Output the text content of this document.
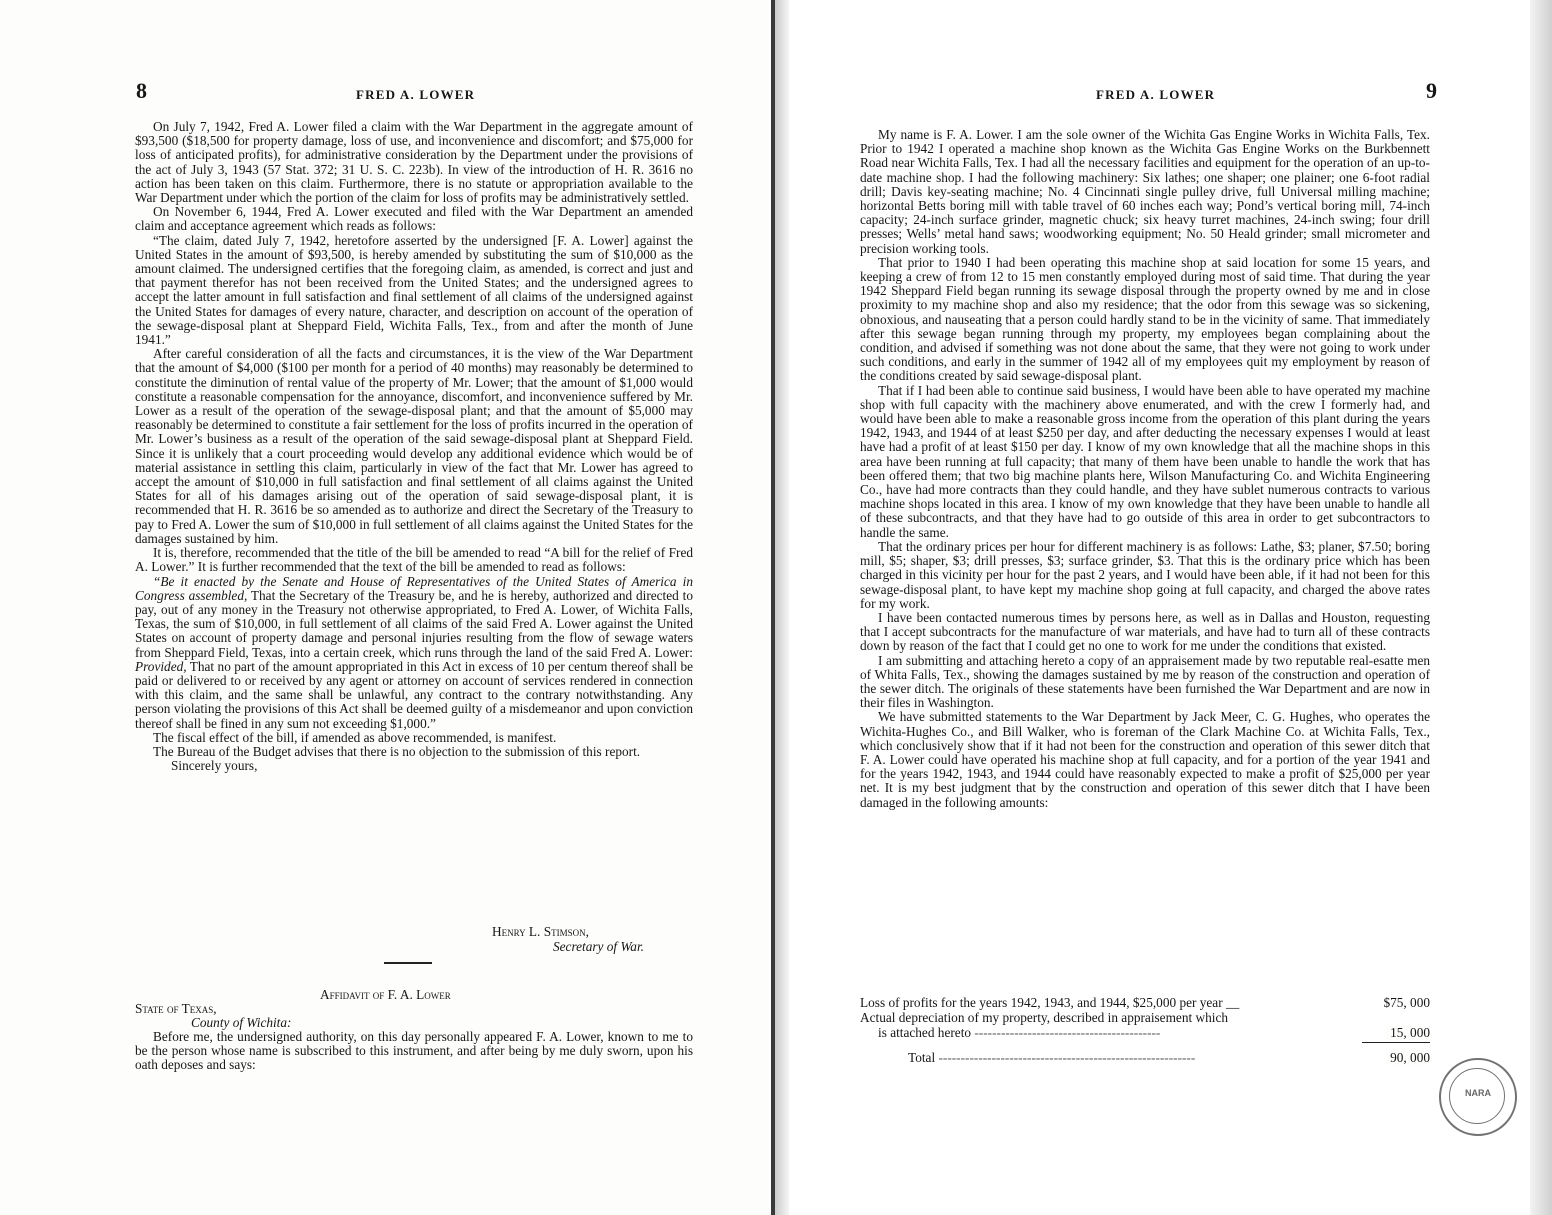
8	FRED A. LOWER

On July 7, 1942, Fred A. Lower filed a claim with the War Department in the aggregate amount of $93,500 ($18,500 for property damage, loss of use, and inconvenience and discomfort; and $75,000 for loss of anticipated profits), for administrative consideration by the Department under the provisions of the act of July 3, 1943 (57 Stat. 372; 31 U. S. C. 223b). In view of the introduction of H. R. 3616 no action has been taken on this claim. Furthermore, there is no statute or appropriation available to the War Department under which the portion of the claim for loss of profits may be administratively settled.

On November 6, 1944, Fred A. Lower executed and filed with the War Department an amended claim and acceptance agreement which reads as follows:

“The claim, dated July 7, 1942, heretofore asserted by the undersigned [F. A. Lower] against the United States in the amount of $93,500, is hereby amended by substituting the sum of $10,000 as the amount claimed. The undersigned certifies that the foregoing claim, as amended, is correct and just and that payment therefor has not been received from the United States; and the undersigned agrees to accept the latter amount in full satisfaction and final settlement of all claims of the undersigned against the United States for damages of every nature, character, and description on account of the operation of the sewage-disposal plant at Sheppard Field, Wichita Falls, Tex., from and after the month of June 1941.”

After careful consideration of all the facts and circumstances, it is the view of the War Department that the amount of $4,000 ($100 per month for a period of 40 months) may reasonably be determined to constitute the diminution of rental value of the property of Mr. Lower; that the amount of $1,000 would constitute a reasonable compensation for the annoyance, discomfort, and inconvenience suffered by Mr. Lower as a result of the operation of the sewage-disposal plant; and that the amount of $5,000 may reasonably be determined to constitute a fair settlement for the loss of profits incurred in the operation of Mr. Lower’s business as a result of the operation of the said sewage-disposal plant at Sheppard Field. Since it is unlikely that a court proceeding would develop any additional evidence which would be of material assistance in settling this claim, particularly in view of the fact that Mr. Lower has agreed to accept the amount of $10,000 in full satisfaction and final settlement of all claims against the United States for all of his damages arising out of the operation of said sewage-disposal plant, it is recommended that H. R. 3616 be so amended as to authorize and direct the Secretary of the Treasury to pay to Fred A. Lower the sum of $10,000 in full settlement of all claims against the United States for the damages sustained by him.

It is, therefore, recommended that the title of the bill be amended to read “A bill for the relief of Fred A. Lower.” It is further recommended that the text of the bill be amended to read as follows:

“Be it enacted by the Senate and House of Representatives of the United States of America in Congress assembled, That the Secretary of the Treasury be, and he is hereby, authorized and directed to pay, out of any money in the Treasury not otherwise appropriated, to Fred A. Lower, of Wichita Falls, Texas, the sum of $10,000, in full settlement of all claims of the said Fred A. Lower against the United States on account of property damage and personal injuries resulting from the flow of sewage waters from Sheppard Field, Texas, into a certain creek, which runs through the land of the said Fred A. Lower: Provided, That no part of the amount appropriated in this Act in excess of 10 per centum thereof shall be paid or delivered to or received by any agent or attorney on account of services rendered in connection with this claim, and the same shall be unlawful, any contract to the contrary notwithstanding. Any person violating the provisions of this Act shall be deemed guilty of a misdemeanor and upon conviction thereof shall be fined in any sum not exceeding $1,000.”

The fiscal effect of the bill, if amended as above recommended, is manifest.

The Bureau of the Budget advises that there is no objection to the submission of this report.

Sincerely yours,

Henry L. Stimson,
Secretary of War.
Affidavit of F. A. Lower
State of Texas,
County of Wichita:

Before me, the undersigned authority, on this day personally appeared F. A. Lower, known to me to be the person whose name is subscribed to this instrument, and after being by me duly sworn, upon his oath deposes and says:

FRED A. LOWER	9

My name is F. A. Lower. I am the sole owner of the Wichita Gas Engine Works in Wichita Falls, Tex. Prior to 1942 I operated a machine shop known as the Wichita Gas Engine Works on the Burkbennett Road near Wichita Falls, Tex. I had all the necessary facilities and equipment for the operation of an up-to-date machine shop. I had the following machinery: Six lathes; one shaper; one plainer; one 6-foot radial drill; Davis key-seating machine; No. 4 Cincinnati single pulley drive, full Universal milling machine; horizontal Betts boring mill with table travel of 60 inches each way; Pond’s vertical boring mill, 74-inch capacity; 24-inch surface grinder, magnetic chuck; six heavy turret machines, 24-inch swing; four drill presses; Wells’ metal hand saws; woodworking equipment; No. 50 Heald grinder; small micrometer and precision working tools.

That prior to 1940 I had been operating this machine shop at said location for some 15 years, and keeping a crew of from 12 to 15 men constantly employed during most of said time. That during the year 1942 Sheppard Field began running its sewage disposal through the property owned by me and in close proximity to my machine shop and also my residence; that the odor from this sewage was so sickening, obnoxious, and nauseating that a person could hardly stand to be in the vicinity of same. That immediately after this sewage began running through my property, my employees began complaining about the condition, and advised if something was not done about the same, that they were not going to work under such conditions, and early in the summer of 1942 all of my employees quit my employment by reason of the conditions created by said sewage-disposal plant.

That if I had been able to continue said business, I would have been able to have operated my machine shop with full capacity with the machinery above enumerated, and with the crew I formerly had, and would have been able to make a reasonable gross income from the operation of this plant during the years 1942, 1943, and 1944 of at least $250 per day, and after deducting the necessary expenses I would at least have had a profit of at least $150 per day. I know of my own knowledge that all the machine shops in this area have been running at full capacity; that many of them have been unable to handle the work that has been offered them; that two big machine plants here, Wilson Manufacturing Co. and Wichita Engineering Co., have had more contracts than they could handle, and they have sublet numerous contracts to various machine shops located in this area. I know of my own knowledge that they have been unable to handle all of these subcontracts, and that they have had to go outside of this area in order to get subcontractors to handle the same.

That the ordinary prices per hour for different machinery is as follows: Lathe, $3; planer, $7.50; boring mill, $5; shaper, $3; drill presses, $3; surface grinder, $3. That this is the ordinary price which has been charged in this vicinity per hour for the past 2 years, and I would have been able, if it had not been for this sewage-disposal plant, to have kept my machine shop going at full capacity, and charged the above rates for my work.

I have been contacted numerous times by persons here, as well as in Dallas and Houston, requesting that I accept subcontracts for the manufacture of war materials, and have had to turn all of these contracts down by reason of the fact that I could get no one to work for me under the conditions that existed.

I am submitting and attaching hereto a copy of an appraisement made by two reputable real-esatte men of Whita Falls, Tex., showing the damages sustained by me by reason of the construction and operation of the sewer ditch. The originals of these statements have been furnished the War Department and are now in their files in Washington.

We have submitted statements to the War Department by Jack Meer, C. G. Hughes, who operates the Wichita-Hughes Co., and Bill Walker, who is foreman of the Clark Machine Co. at Wichita Falls, Tex., which conclusively show that if it had not been for the construction and operation of this sewer ditch that F. A. Lower could have operated his machine shop at full capacity, and for a portion of the year 1941 and for the years 1942, 1943, and 1944 could have reasonably expected to make a profit of $25,000 per year net. It is my best judgment that by the construction and operation of this sewer ditch that I have been damaged in the following amounts:

Loss of profits for the years 1942, 1943, and 1944, $25,000 per year __	$75, 000
Actual depreciation of my property, described in appraisement which
is attached hereto ------------------------------------------	15, 000
Total ----------------------------------------------------------	90, 000
NARA
